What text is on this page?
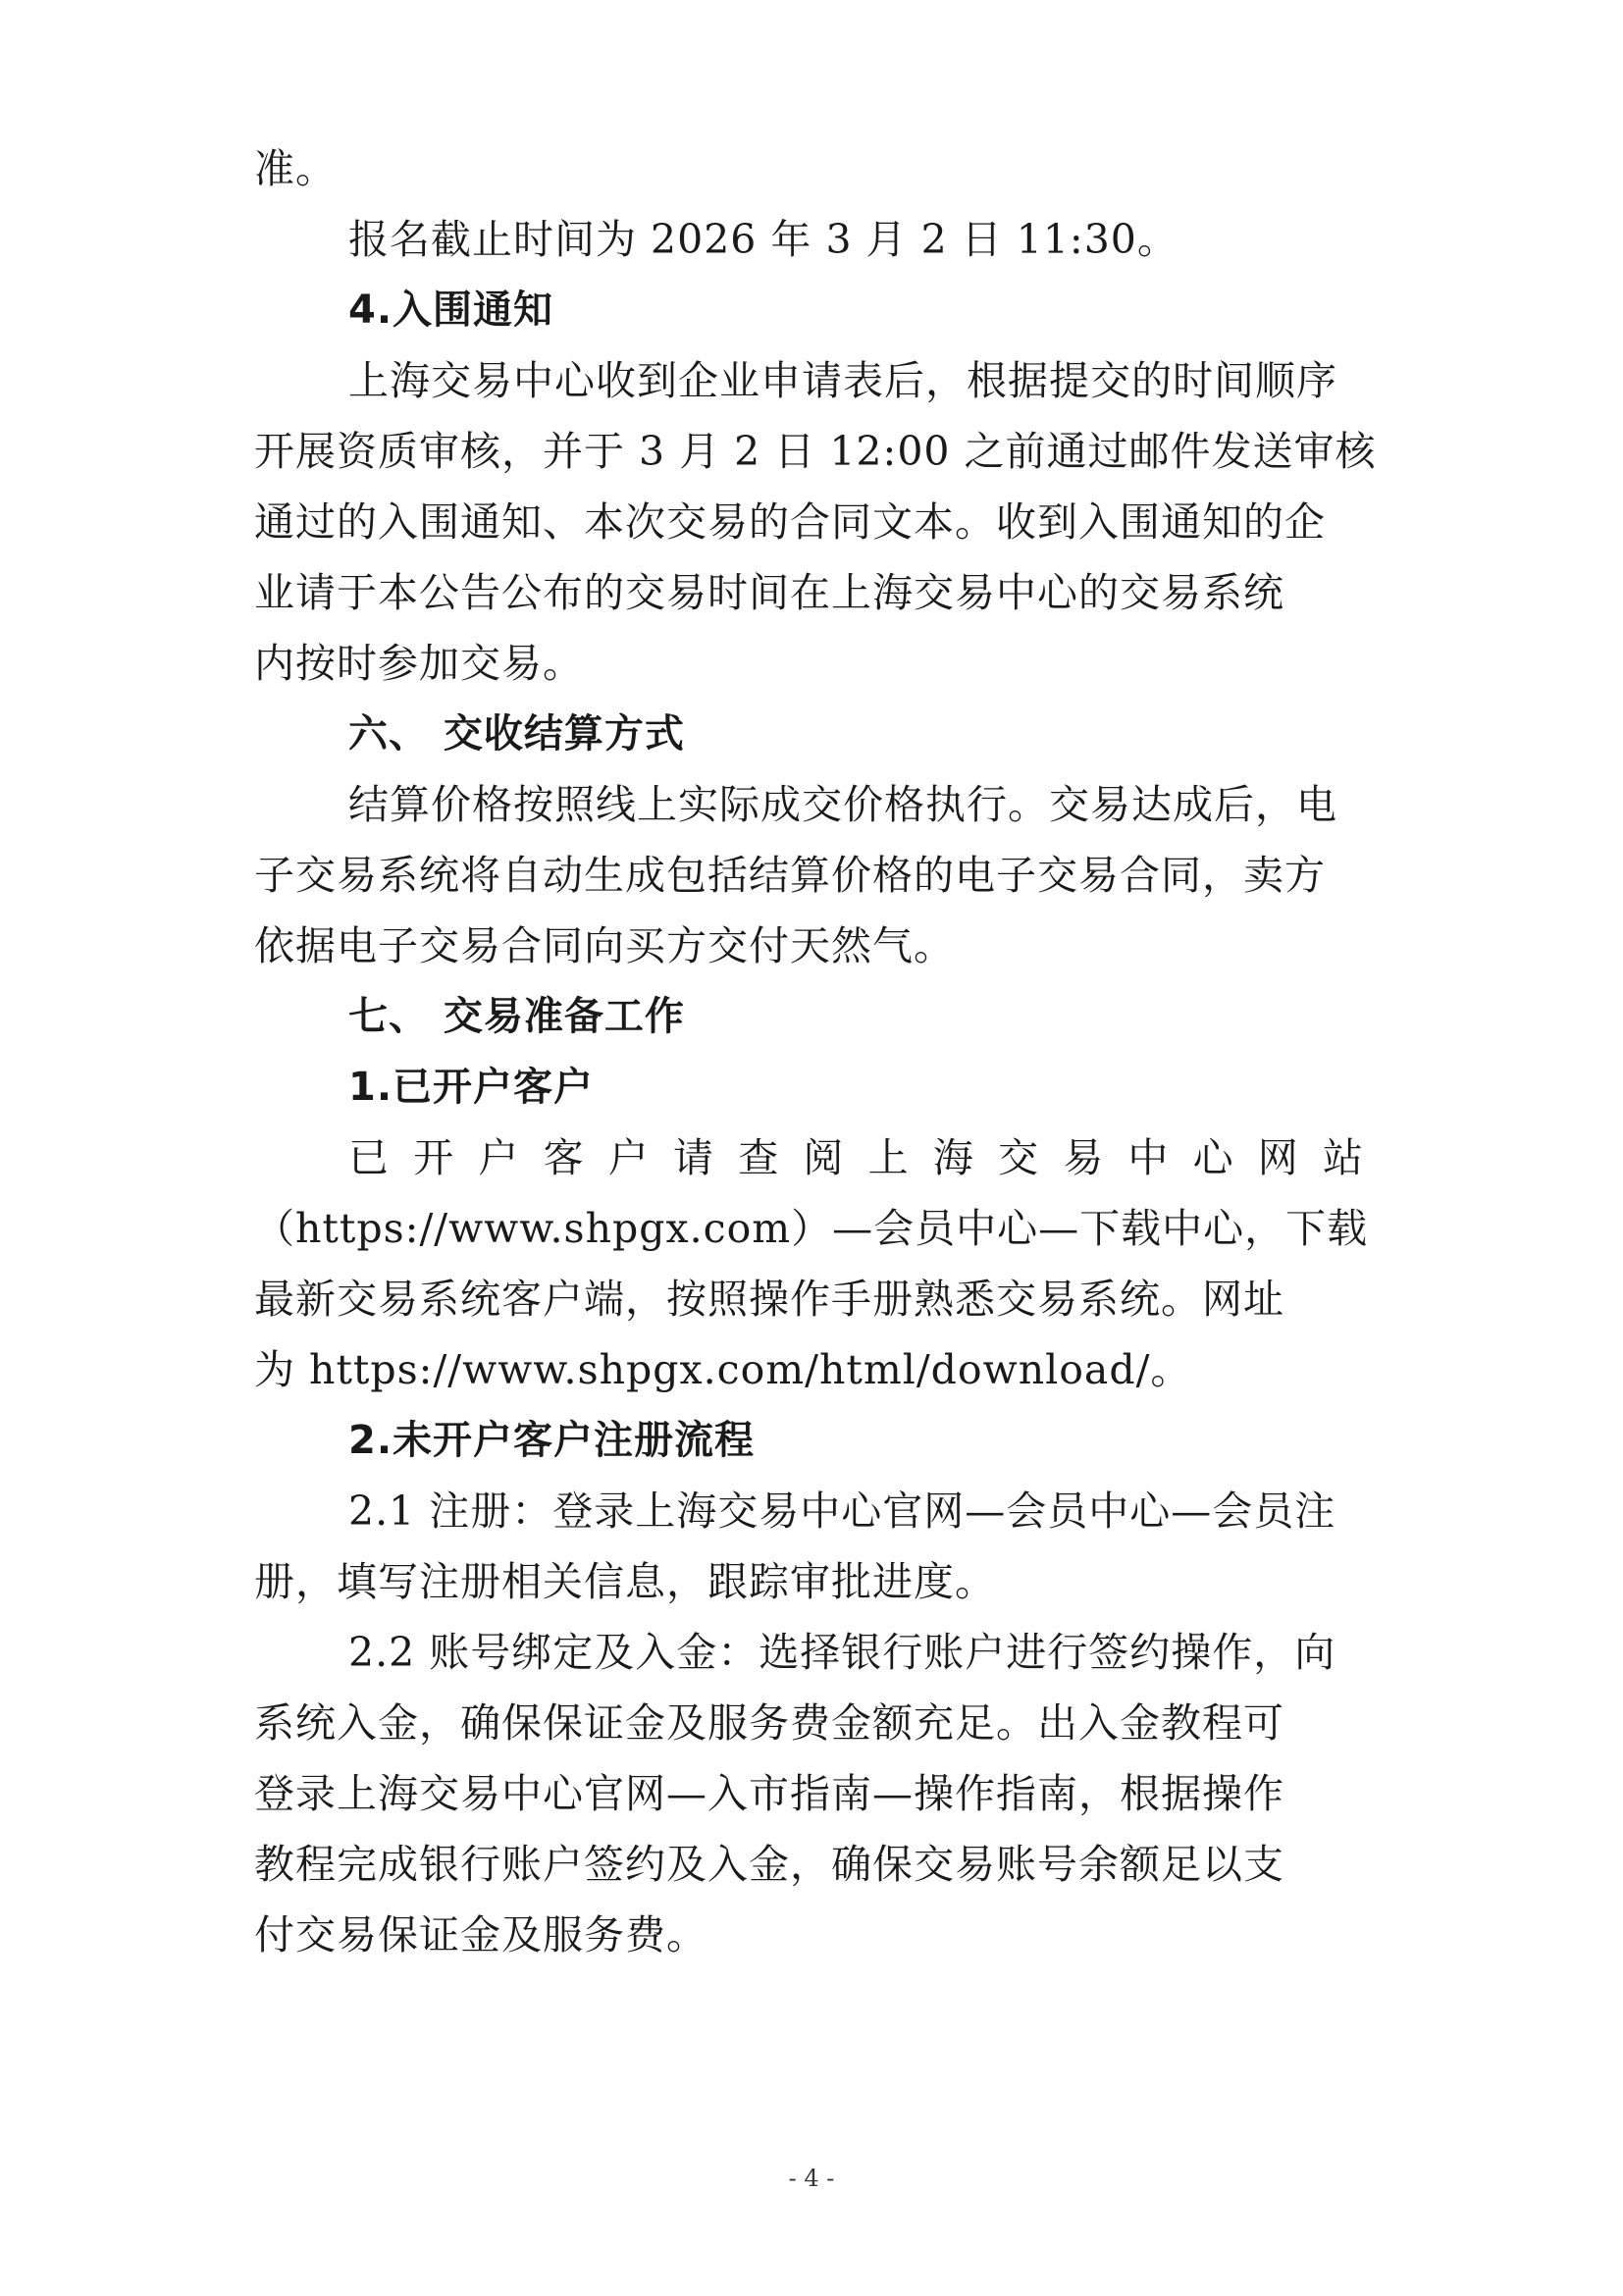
准。
报名截止时间为 2026 年 3 月 2 日 11:30。
4.入围通知
上海交易中心收到企业申请表后，根据提交的时间顺序
开展资质审核，并于 3 月 2 日 12:00 之前通过邮件发送审核
通过的入围通知、本次交易的合同文本。收到入围通知的企
业请于本公告公布的交易时间在上海交易中心的交易系统
内按时参加交易。
六、 交收结算方式
结算价格按照线上实际成交价格执行。交易达成后，电
子交易系统将自动生成包括结算价格的电子交易合同，卖方
依据电子交易合同向买方交付天然气。
七、 交易准备工作
1.已开户客户
已开户客户请查阅上海交易中心网站
（https://www.shpgx.com）—会员中心—下载中心，下载
最新交易系统客户端，按照操作手册熟悉交易系统。网址
为 https://www.shpgx.com/html/download/。
2.未开户客户注册流程
2.1 注册：登录上海交易中心官网—会员中心—会员注
册，填写注册相关信息，跟踪审批进度。
2.2 账号绑定及入金：选择银行账户进行签约操作，向
系统入金，确保保证金及服务费金额充足。出入金教程可
登录上海交易中心官网—入市指南—操作指南，根据操作
教程完成银行账户签约及入金，确保交易账号余额足以支
付交易保证金及服务费。
- 4 -
